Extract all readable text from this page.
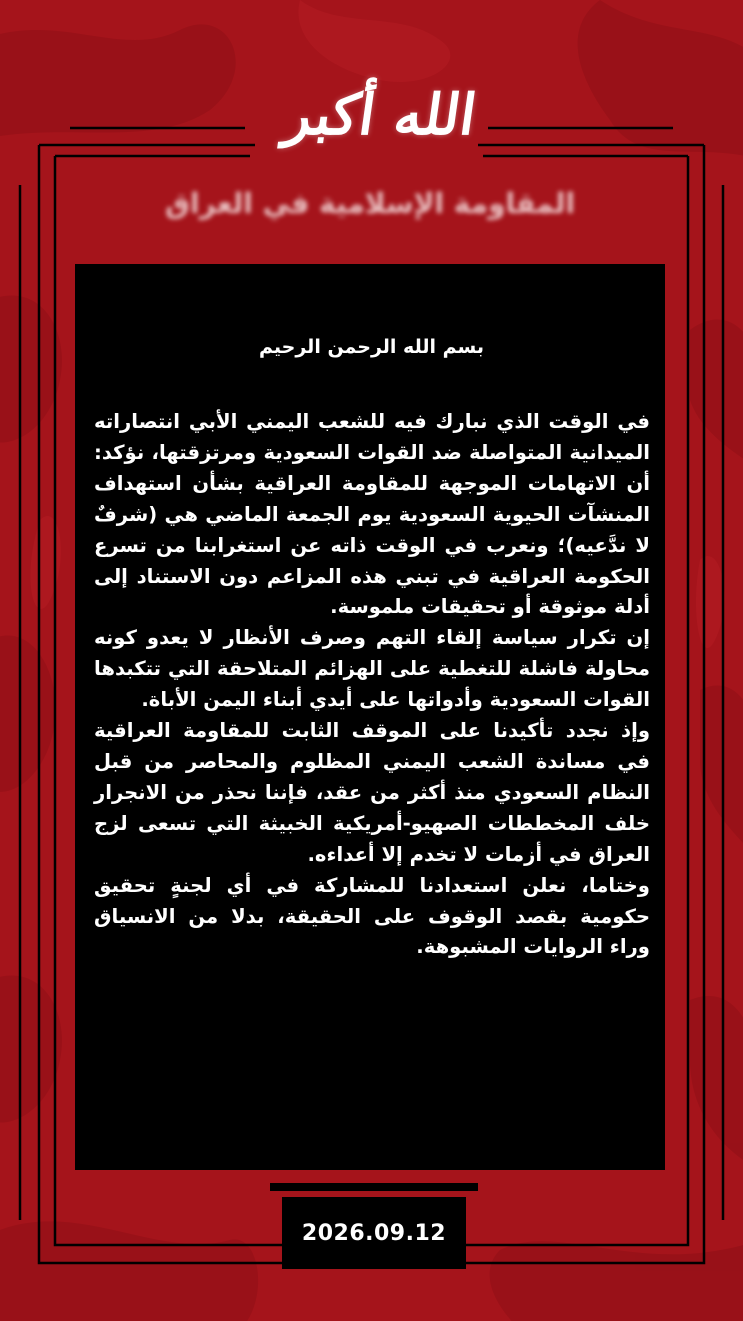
الله أكبر
المقاومة الإسلامية في العراق
بسم الله الرحمن الرحيم

في الوقت الذي نبارك فيه للشعب اليمني الأبي انتصاراته الميدانية المتواصلة ضد القوات السعودية ومرتزقتها، نؤكد: أن الاتهامات الموجهة للمقاومة العراقية بشأن استهداف المنشآت الحيوية السعودية يوم الجمعة الماضي هي (شرفٌ لا ندَّعيه)؛ ونعرب في الوقت ذاته عن استغرابنا من تسرع الحكومة العراقية في تبني هذه المزاعم دون الاستناد إلى أدلة موثوقة أو تحقيقات ملموسة.

إن تكرار سياسة إلقاء التهم وصرف الأنظار لا يعدو كونه محاولة فاشلة للتغطية على الهزائم المتلاحقة التي تتكبدها القوات السعودية وأدواتها على أيدي أبناء اليمن الأباة.

وإذ نجدد تأكيدنا على الموقف الثابت للمقاومة العراقية في مساندة الشعب اليمني المظلوم والمحاصر من قبل النظام السعودي منذ أكثر من عقد، فإننا نحذر من الانجرار خلف المخططات الصهيو-أمريكية الخبيثة التي تسعى لزج العراق في أزمات لا تخدم إلا أعداءه.

وختاما، نعلن استعدادنا للمشاركة في أي لجنةٍ تحقيق حكومية بقصد الوقوف على الحقيقة، بدلا من الانسياق وراء الروايات المشبوهة.

2026.09.12
